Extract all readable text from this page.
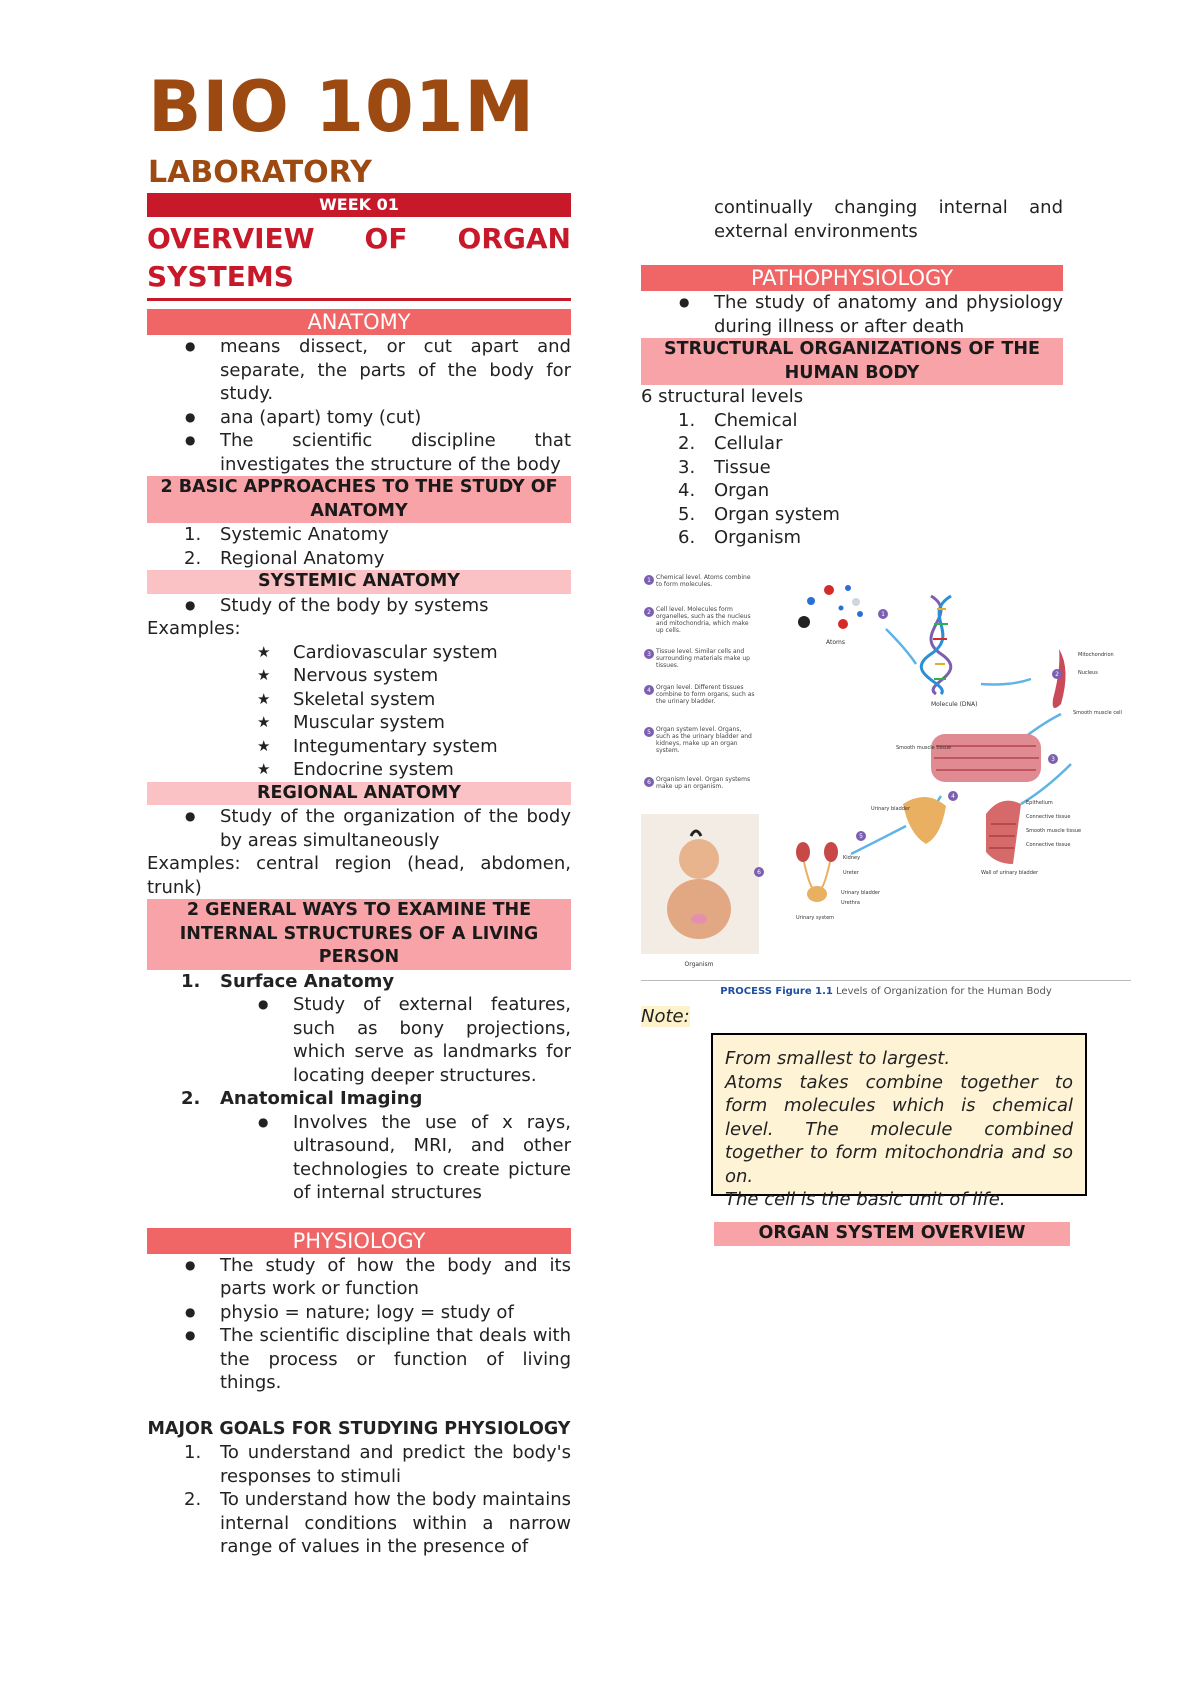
BIO 101M
LABORATORY
WEEK 01
OVERVIEW OF ORGAN SYSTEMS
ANATOMY
● means dissect, or cut apart and separate, the parts of the body for study.
● ana (apart) tomy (cut)
● The scientific discipline that investigates the structure of the body
2 BASIC APPROACHES TO THE STUDY OF ANATOMY
1. Systemic Anatomy
2. Regional Anatomy
SYSTEMIC ANATOMY
● Study of the body by systems
Examples:
★ Cardiovascular system
★ Nervous system
★ Skeletal system
★ Muscular system
★ Integumentary system
★ Endocrine system
REGIONAL ANATOMY
● Study of the organization of the body by areas simultaneously
Examples: central region (head, abdomen, trunk)
2 GENERAL WAYS TO EXAMINE THE INTERNAL STRUCTURES OF A LIVING PERSON
1. Surface Anatomy
● Study of external features, such as bony projections, which serve as landmarks for locating deeper structures.
2. Anatomical Imaging
● Involves the use of x rays, ultrasound, MRI, and other technologies to create picture of internal structures
PHYSIOLOGY
● The study of how the body and its parts work or function
● physio = nature; logy = study of
● The scientific discipline that deals with the process or function of living things.
MAJOR GOALS FOR STUDYING PHYSIOLOGY
1. To understand and predict the body's responses to stimuli
2. To understand how the body maintains internal conditions within a narrow range of values in the presence of
continually changing internal and external environments
PATHOPHYSIOLOGY
● The study of anatomy and physiology during illness or after death
STRUCTURAL ORGANIZATIONS OF THE HUMAN BODY
6 structural levels
1. Chemical
2. Cellular
3. Tissue
4. Organ
5. Organ system
6. Organism
1 Chemical level. Atoms combine to form molecules.
2 Cell level. Molecules form organelles, such as the nucleus and mitochondria, which make up cells.
3 Tissue level. Similar cells and surrounding materials make up tissues.
4 Organ level. Different tissues combine to form organs, such as the urinary bladder.
5 Organ system level. Organs, such as the urinary bladder and kidneys, make up an organ system.
6 Organism level. Organ systems make up an organism.
Atoms
1
Molecule (DNA)
Mitochondrion
Nucleus
Smooth muscle cell
2
Smooth muscle tissue
3
Urinary bladder
4
Epithelium
Connective tissue
Smooth muscle tissue
Connective tissue
Wall of urinary bladder
Kidney
Ureter
Urinary bladder
Urethra
Urinary system
5
Organism
6
PROCESS Figure 1.1 Levels of Organization for the Human Body
Note:
From smallest to largest.
Atoms takes combine together to form molecules which is chemical level. The molecule combined together to form mitochondria and so on.
The cell is the basic unit of life.
ORGAN SYSTEM OVERVIEW
